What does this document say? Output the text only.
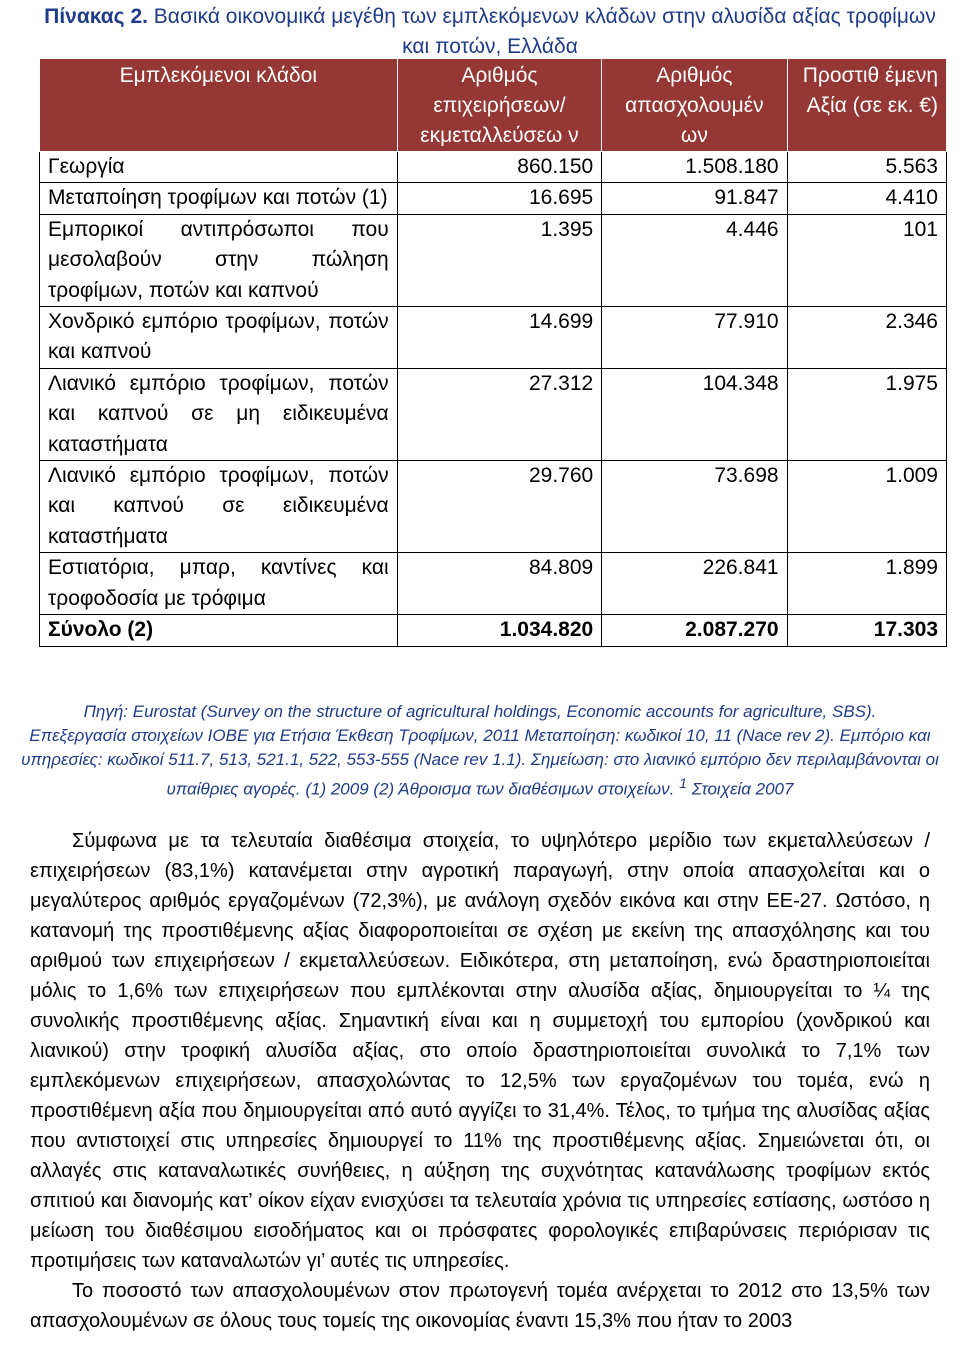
Πίνακας 2. Βασικά οικονομικά μεγέθη των εμπλεκόμενων κλάδων στην αλυσίδα αξίας τροφίμων και ποτών, Ελλάδα
Εμπλεκόμενοι κλάδοι	Αριθμός επιχειρήσεων/ εκμεταλλεύσεω ν	Αριθμός απασχολουμέν ων	Προστιθ έμενη Αξία (σε εκ. €)
Γεωργία	860.150	1.508.180	5.563
Μεταποίηση τροφίμων και ποτών (1)	16.695	91.847	4.410
Εμπορικοί αντιπρόσωποι που μεσολαβούν στην πώληση τροφίμων, ποτών και καπνού	1.395	4.446	101
Χονδρικό εμπόριο τροφίμων, ποτών και καπνού	14.699	77.910	2.346
Λιανικό εμπόριο τροφίμων, ποτών και καπνού σε μη ειδικευμένα καταστήματα	27.312	104.348	1.975
Λιανικό εμπόριο τροφίμων, ποτών και καπνού σε ειδικευμένα καταστήματα	29.760	73.698	1.009
Εστιατόρια, μπαρ, καντίνες και τροφοδοσία με τρόφιμα	84.809	226.841	1.899
Σύνολο (2)	1.034.820	2.087.270	17.303
Πηγή: Eurostat (Survey on the structure of agricultural holdings, Economic accounts for agriculture, SBS).
Επεξεργασία στοιχείων ΙΟΒΕ για Ετήσια Έκθεση Τροφίμων, 2011 Μεταποίηση: κωδικοί 10, 11 (Nace rev 2). Εμπόριο και υπηρεσίες: κωδικοί 511.7, 513, 521.1, 522, 553-555 (Nace rev 1.1). Σημείωση: στο λιανικό εμπόριο δεν περιλαμβάνονται οι υπαίθριες αγορές. (1) 2009 (2) Άθροισμα των διαθέσιμων στοιχείων. $^1$ Στοιχεία 2007

Σύμφωνα με τα τελευταία διαθέσιμα στοιχεία, το υψηλότερο μερίδιο των εκμεταλλεύσεων / επιχειρήσεων (83,1%) κατανέμεται στην αγροτική παραγωγή, στην οποία απασχολείται και ο μεγαλύτερος αριθμός εργαζομένων (72,3%), με ανάλογη σχεδόν εικόνα και στην ΕΕ-27. Ωστόσο, η κατανομή της προστιθέμενης αξίας διαφοροποιείται σε σχέση με εκείνη της απασχόλησης και του αριθμού των επιχειρήσεων / εκμεταλλεύσεων. Ειδικότερα, στη μεταποίηση, ενώ δραστηριοποιείται μόλις το 1,6% των επιχειρήσεων που εμπλέκονται στην αλυσίδα αξίας, δημιουργείται το ¼ της συνολικής προστιθέμενης αξίας. Σημαντική είναι και η συμμετοχή του εμπορίου (χονδρικού και λιανικού) στην τροφική αλυσίδα αξίας, στο οποίο δραστηριοποιείται συνολικά το 7,1% των εμπλεκόμενων επιχειρήσεων, απασχολώντας το 12,5% των εργαζομένων του τομέα, ενώ η προστιθέμενη αξία που δημιουργείται από αυτό αγγίζει το 31,4%. Τέλος, το τμήμα της αλυσίδας αξίας που αντιστοιχεί στις υπηρεσίες δημιουργεί το 11% της προστιθέμενης αξίας. Σημειώνεται ότι, οι αλλαγές στις καταναλωτικές συνήθειες, η αύξηση της συχνότητας κατανάλωσης τροφίμων εκτός σπιτιού και διανομής κατ’ οίκον είχαν ενισχύσει τα τελευταία χρόνια τις υπηρεσίες εστίασης, ωστόσο η μείωση του διαθέσιμου εισοδήματος και οι πρόσφατες φορολογικές επιβαρύνσεις περιόρισαν τις προτιμήσεις των καταναλωτών γι’ αυτές τις υπηρεσίες.

Το ποσοστό των απασχολουμένων στον πρωτογενή τομέα ανέρχεται το 2012 στο 13,5% των απασχολουμένων σε όλους τους τομείς της οικονομίας έναντι 15,3% που ήταν το 2003
